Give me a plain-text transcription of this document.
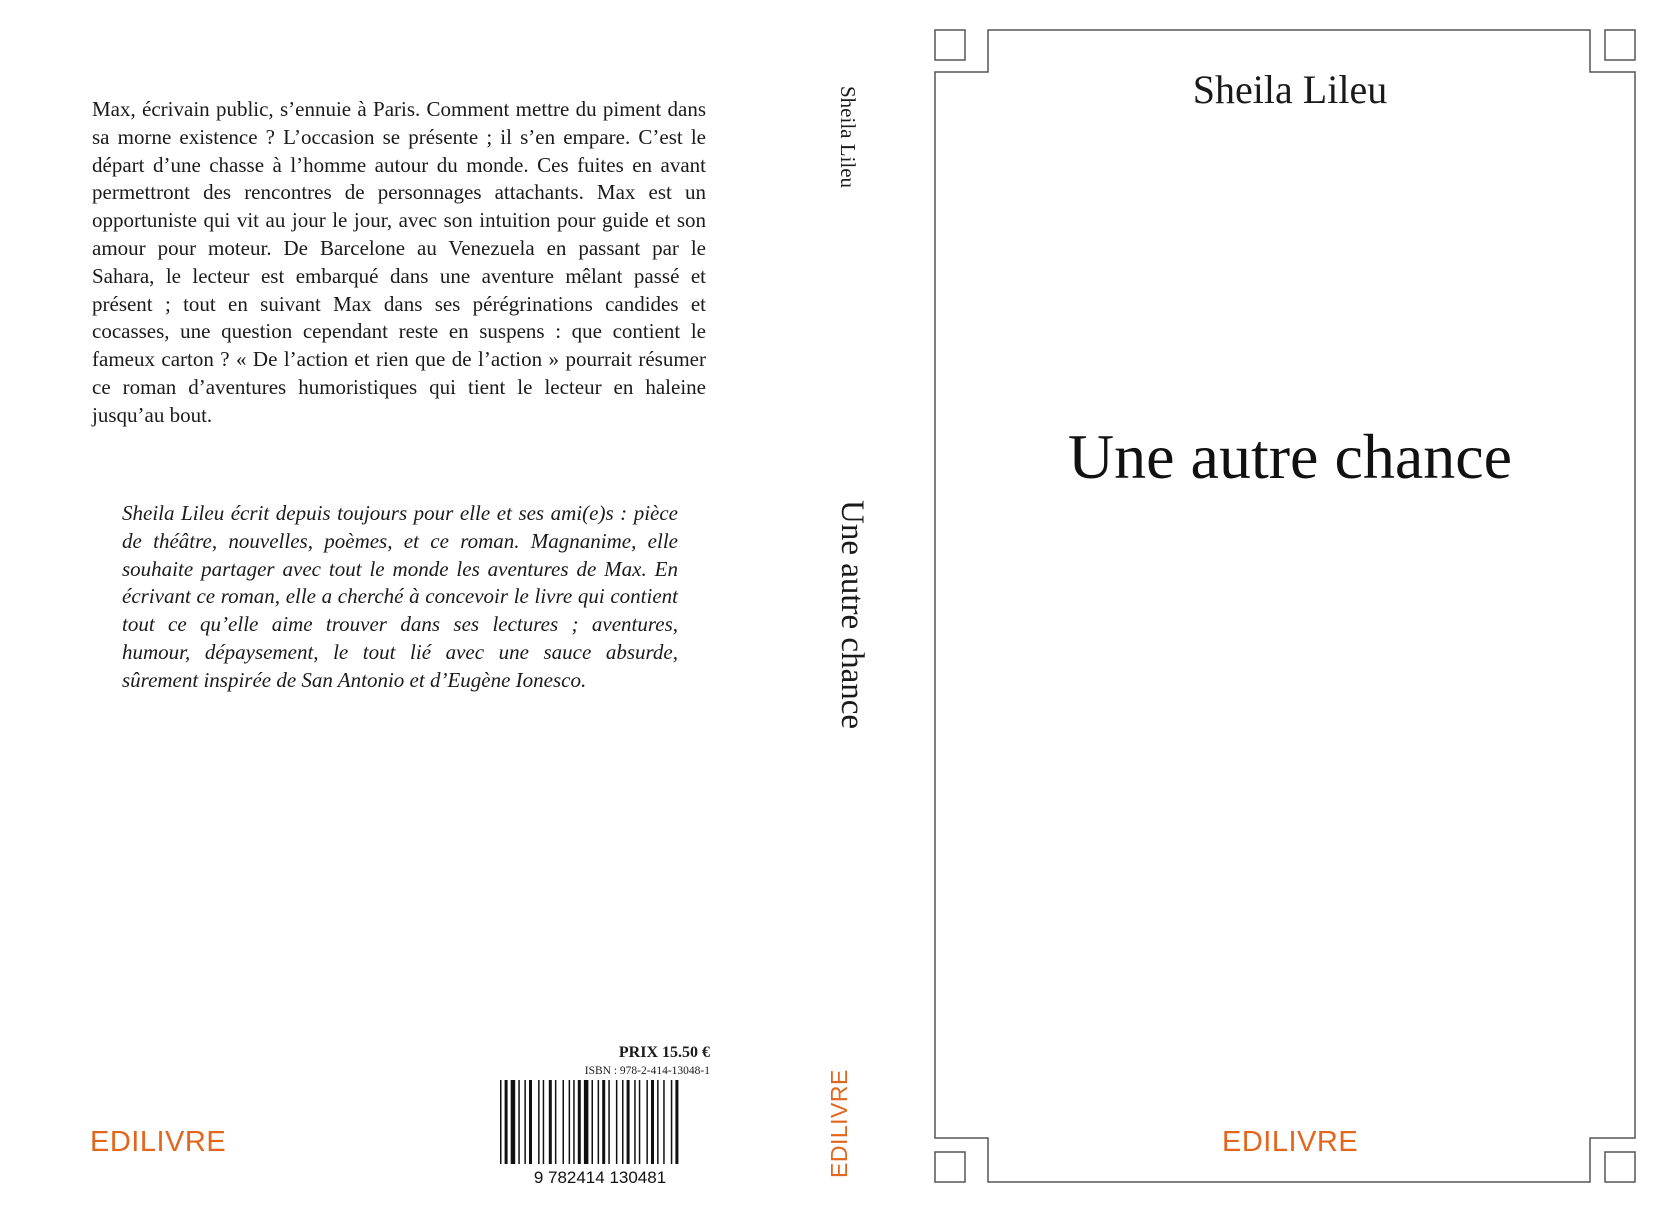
Max, écrivain public, s’ennuie à Paris. Comment mettre du piment dans sa morne existence ? L’occasion se présente ; il s’en empare. C’est le départ d’une chasse à l’homme autour du monde. Ces fuites en avant permettront des rencontres de personnages attachants. Max est un opportuniste qui vit au jour le jour, avec son intuition pour guide et son amour pour moteur. De Barcelone au Venezuela en passant par le Sahara, le lecteur est embarqué dans une aventure mêlant passé et présent ; tout en suivant Max dans ses pérégrinations candides et cocasses, une question cependant reste en suspens : que contient le fameux carton ? « De l’action et rien que de l’action » pourrait résumer ce roman d’aventures humoristiques qui tient le lecteur en haleine jusqu’au bout.

Sheila Lileu écrit depuis toujours pour elle et ses ami(e)s : pièce de théâtre, nouvelles, poèmes, et ce roman. Magnanime, elle souhaite partager avec tout le monde les aventures de Max. En écrivant ce roman, elle a cherché à concevoir le livre qui contient tout ce qu’elle aime trouver dans ses lectures ; aventures, humour, dépaysement, le tout lié avec une sauce absurde, sûrement inspirée de San Antonio et d’Eugène Ionesco.

PRIX 15.50 €
ISBN : 978-2-414-13048-1
9 782414 130481
EDILIVRE
Sheila Lileu
Une autre chance
EDILIVRE
Sheila Lileu
Une autre chance
EDILIVRE
